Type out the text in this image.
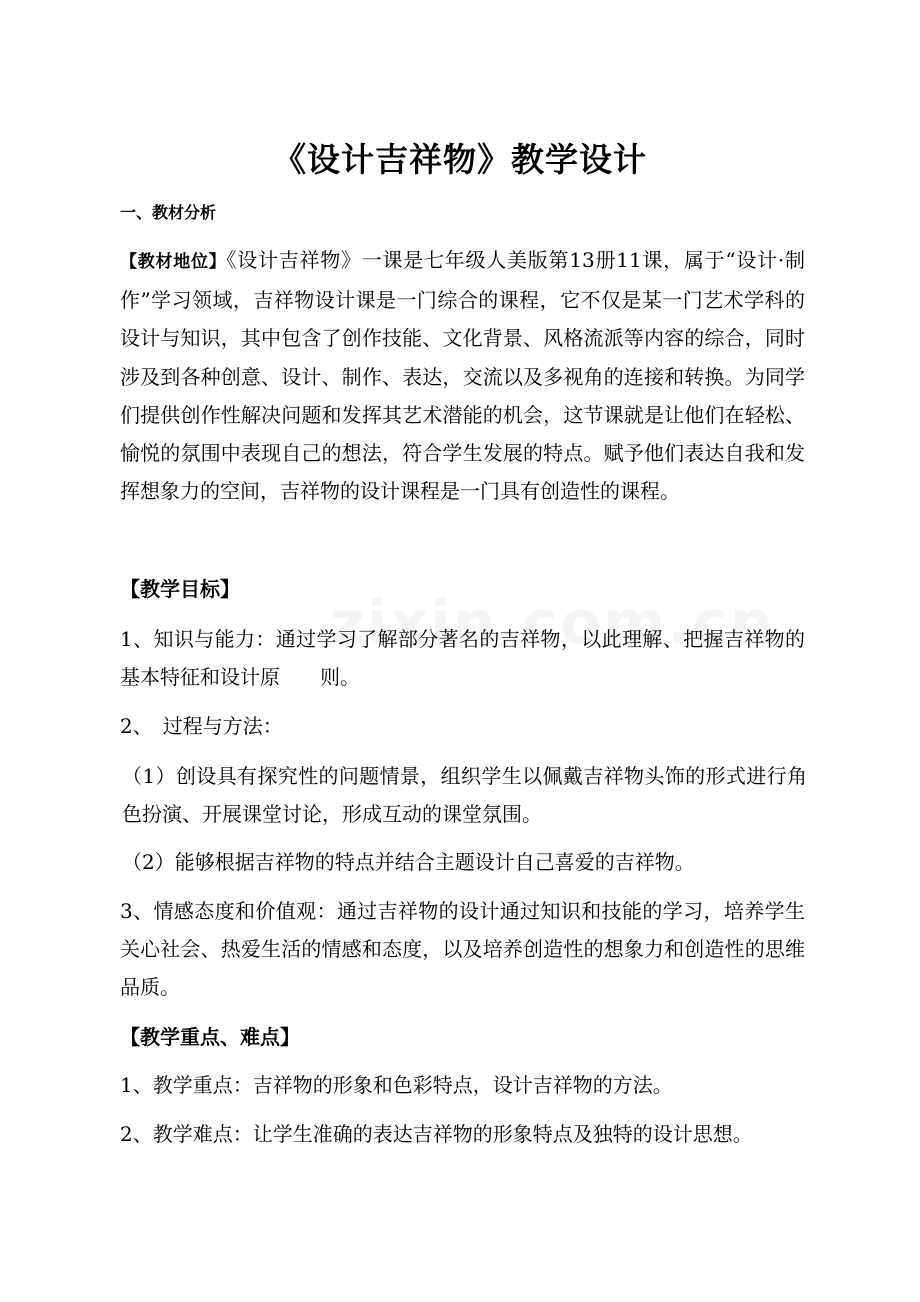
《设计吉祥物》教学设计
一、教材分析
【教材地位】《设计吉祥物》一课是七年级人美版第13册11课，属于“设计·制作”学习领域，吉祥物设计课是一门综合的课程，它不仅是某一门艺术学科的设计与知识，其中包含了创作技能、文化背景、风格流派等内容的综合，同时涉及到各种创意、设计、制作、表达，交流以及多视角的连接和转换。为同学们提供创作性解决问题和发挥其艺术潜能的机会，这节课就是让他们在轻松、愉悦的氛围中表现自己的想法，符合学生发展的特点。赋予他们表达自我和发挥想象力的空间，吉祥物的设计课程是一门具有创造性的课程。
【教学目标】
1、知识与能力：通过学习了解部分著名的吉祥物，以此理解、把握吉祥物的基本特征和设计原　　则。
2、　过程与方法：
（1）创设具有探究性的问题情景，组织学生以佩戴吉祥物头饰的形式进行角色扮演、开展课堂讨论，形成互动的课堂氛围。
（2）能够根据吉祥物的特点并结合主题设计自己喜爱的吉祥物。
3、情感态度和价值观：通过吉祥物的设计通过知识和技能的学习，培养学生关心社会、热爱生活的情感和态度，以及培养创造性的想象力和创造性的思维品质。
【教学重点、难点】
1、教学重点：吉祥物的形象和色彩特点，设计吉祥物的方法。
2、教学难点：让学生准确的表达吉祥物的形象特点及独特的设计思想。
